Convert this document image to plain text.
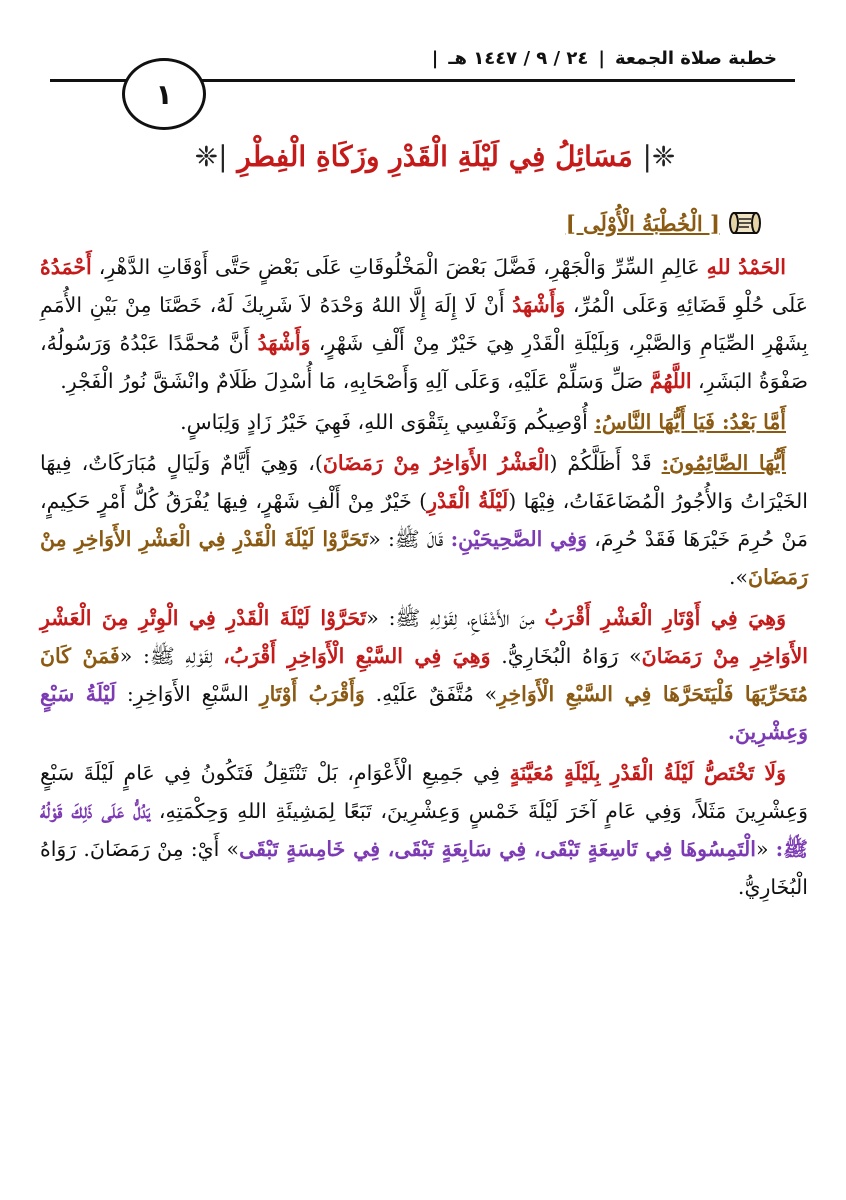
خطبة صلاة الجمعة
|
٢٤ / ٩ / ١٤٤٧ هـ
|
١
❈| مَسَائِلُ فِي لَيْلَةِ الْقَدْرِ وزَكَاةِ الْفِطْرِ |❈
[ الْخُطْبَةُ الْأُوْلَى ]

الحَمْدُ للهِ عَالِمِ السِّرِّ وَالْجَهْرِ، فَضَّلَ بَعْضَ الْمَخْلُوقَاتِ عَلَى بَعْضٍ حَتَّى أَوْقَاتِ الدَّهْرِ، أَحْمَدُهُ عَلَى حُلْوِ قَضَائِهِ وَعَلَى الْمُرِّ، وَأَشْهَدُ أَنْ لَا إِلَهَ إِلَّا اللهُ وَحْدَهُ لاَ شَرِيكَ لَهُ، خَصَّنَا مِنْ بَيْنِ الأُمَمِ بِشَهْرِ الصِّيَامِ وَالصَّبْرِ، وَبِلَيْلَةِ الْقَدْرِ هِيَ خَيْرٌ مِنْ أَلْفِ شَهْرٍ، وَأَشْهَدُ أَنَّ مُحمَّدًا عَبْدُهُ وَرَسُولُهُ، صَفْوَةُ البَشَرِ، اللَّهُمَّ صَلِّ وَسَلِّمْ عَلَيْهِ، وَعَلَى آلِهِ وَأَصْحَابِهِ، مَا أُسْدِلَ ظَلَامٌ وانْشَقَّ نُورُ الْفَجْرِ.

أَمَّا بَعْدُ: فَيَا أَيُّهَا النَّاسُ: أُوْصِيكُم وَنَفْسِي بِتَقْوَى اللهِ، فَهِيَ خَيْرُ زَادٍ وَلِبَاسٍ.

أَيُّهَا الصَّائِمُونَ: قَدْ أَظَلَّكُمْ (الْعَشْرُ الأَوَاخِرُ مِنْ رَمَضَانَ)، وَهِيَ أَيَّامٌ وَلَيَالٍ مُبَارَكَاتٌ، فِيهَا الخَيْرَاتُ وَالأُجُورُ الْمُضَاعَفَاتُ، فِيْهَا (لَيْلَةُ الْقَدْرِ) خَيْرٌ مِنْ أَلْفِ شَهْرٍ، فِيهَا يُفْرَقُ كُلُّ أَمْرٍ حَكِيمٍ، مَنْ حُرِمَ خَيْرَهَا فَقَدْ حُرِمَ، وَفِي الصَّحِيحَيْنِ: قَالَ ﷺ: «تَحَرَّوْا لَيْلَةَ الْقَدْرِ فِي الْعَشْرِ الأَوَاخِرِ مِنْ رَمَضَانَ».

وَهِيَ فِي أَوْتَارِ الْعَشْرِ أَقْرَبُ مِنَ الأَشْفَاعِ، لِقَوْلِهِ ﷺ: «تَحَرَّوْا لَيْلَةَ الْقَدْرِ فِي الْوِتْرِ مِنَ الْعَشْرِ الأَوَاخِرِ مِنْ رَمَضَانَ» رَوَاهُ الْبُخَارِيُّ. وَهِيَ فِي السَّبْعِ الْأَوَاخِرِ أَقْرَبُ، لِقَوْلِهِ ﷺ: «فَمَنْ كَانَ مُتَحَرِّيَهَا فَلْيَتَحَرَّهَا فِي السَّبْعِ الْأَوَاخِرِ» مُتَّفَقٌ عَلَيْهِ. وَأَقْرَبُ أَوْتَارِ السَّبْعِ الأَوَاخِرِ: لَيْلَةُ سَبْعٍ وَعِشْرِينَ.

وَلَا تَخْتَصُّ لَيْلَةُ الْقَدْرِ بِلَيْلَةٍ مُعَيَّنَةٍ فِي جَمِيعِ الْأَعْوَامِ، بَلْ تَنْتَقِلُ فَتَكُونُ فِي عَامٍ لَيْلَةَ سَبْعٍ وَعِشْرِينَ مَثَلاً، وَفِي عَامٍ آخَرَ لَيْلَةَ خَمْسٍ وَعِشْرِينَ، تَبَعًا لِمَشِيئَةِ اللهِ وَحِكْمَتِهِ، يَدُلُّ عَلَى ذَلِكَ قَوْلُهُ ﷺ: «الْتَمِسُوهَا فِي تَاسِعَةٍ تَبْقَى، فِي سَابِعَةٍ تَبْقَى، فِي خَامِسَةٍ تَبْقَى» أَيْ: مِنْ رَمَضَانَ. رَوَاهُ الْبُخَارِيُّ.
